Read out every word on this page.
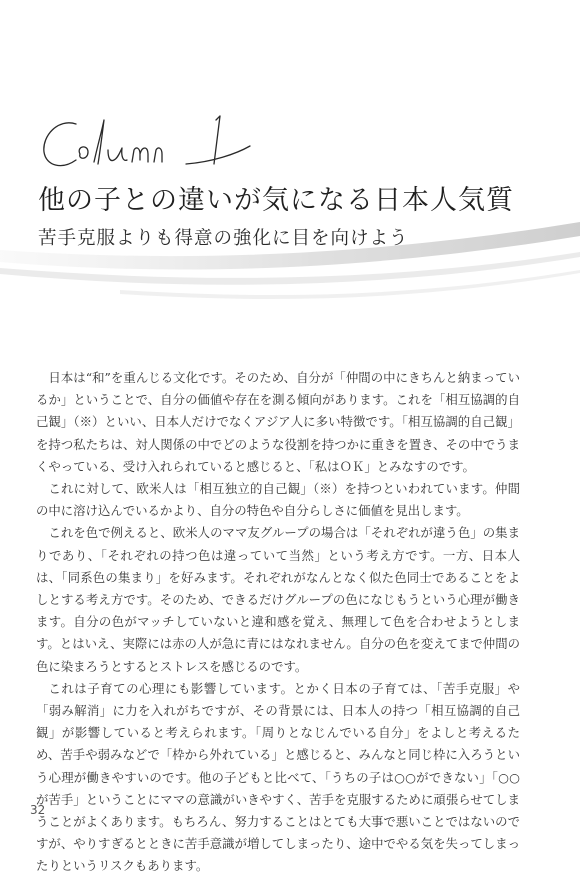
他の子との違いが気になる日本人気質
苦手克服よりも得意の強化に目を向けよう

日本は“和”を重んじる文化です。そのため、自分が「仲間の中にきちんと納まっているか」ということで、自分の価値や存在を測る傾向があります。これを「相互協調的自己観」（※）といい、日本人だけでなくアジア人に多い特徴です。「相互協調的自己観」を持つ私たちは、対人関係の中でどのような役割を持つかに重きを置き、その中でうまくやっている、受け入れられていると感じると、「私はＯＫ」とみなすのです。

これに対して、欧米人は「相互独立的自己観」（※）を持つといわれています。仲間の中に溶け込んでいるかより、自分の特色や自分らしさに価値を見出します。

これを色で例えると、欧米人のママ友グループの場合は「それぞれが違う色」の集まりであり、「それぞれの持つ色は違っていて当然」という考え方です。一方、日本人は、「同系色の集まり」を好みます。それぞれがなんとなく似た色同士であることをよしとする考え方です。そのため、できるだけグループの色になじもうという心理が働きます。自分の色がマッチしていないと違和感を覚え、無理して色を合わせようとします。とはいえ、実際には赤の人が急に青にはなれません。自分の色を変えてまで仲間の色に染まろうとするとストレスを感じるのです。

これは子育ての心理にも影響しています。とかく日本の子育ては、「苦手克服」や「弱み解消」に力を入れがちですが、その背景には、日本人の持つ「相互協調的自己観」が影響していると考えられます。「周りとなじんでいる自分」をよしと考えるため、苦手や弱みなどで「枠から外れている」と感じると、みんなと同じ枠に入ろうという心理が働きやすいのです。他の子どもと比べて、「うちの子は○○ができない」「○○が苦手」ということにママの意識がいきやすく、苦手を克服するために頑張らせてしまうことがよくあります。もちろん、努力することはとても大事で悪いことではないのですが、やりすぎるとときに苦手意識が増してしまったり、途中でやる気を失ってしまったりというリスクもあります。

32
